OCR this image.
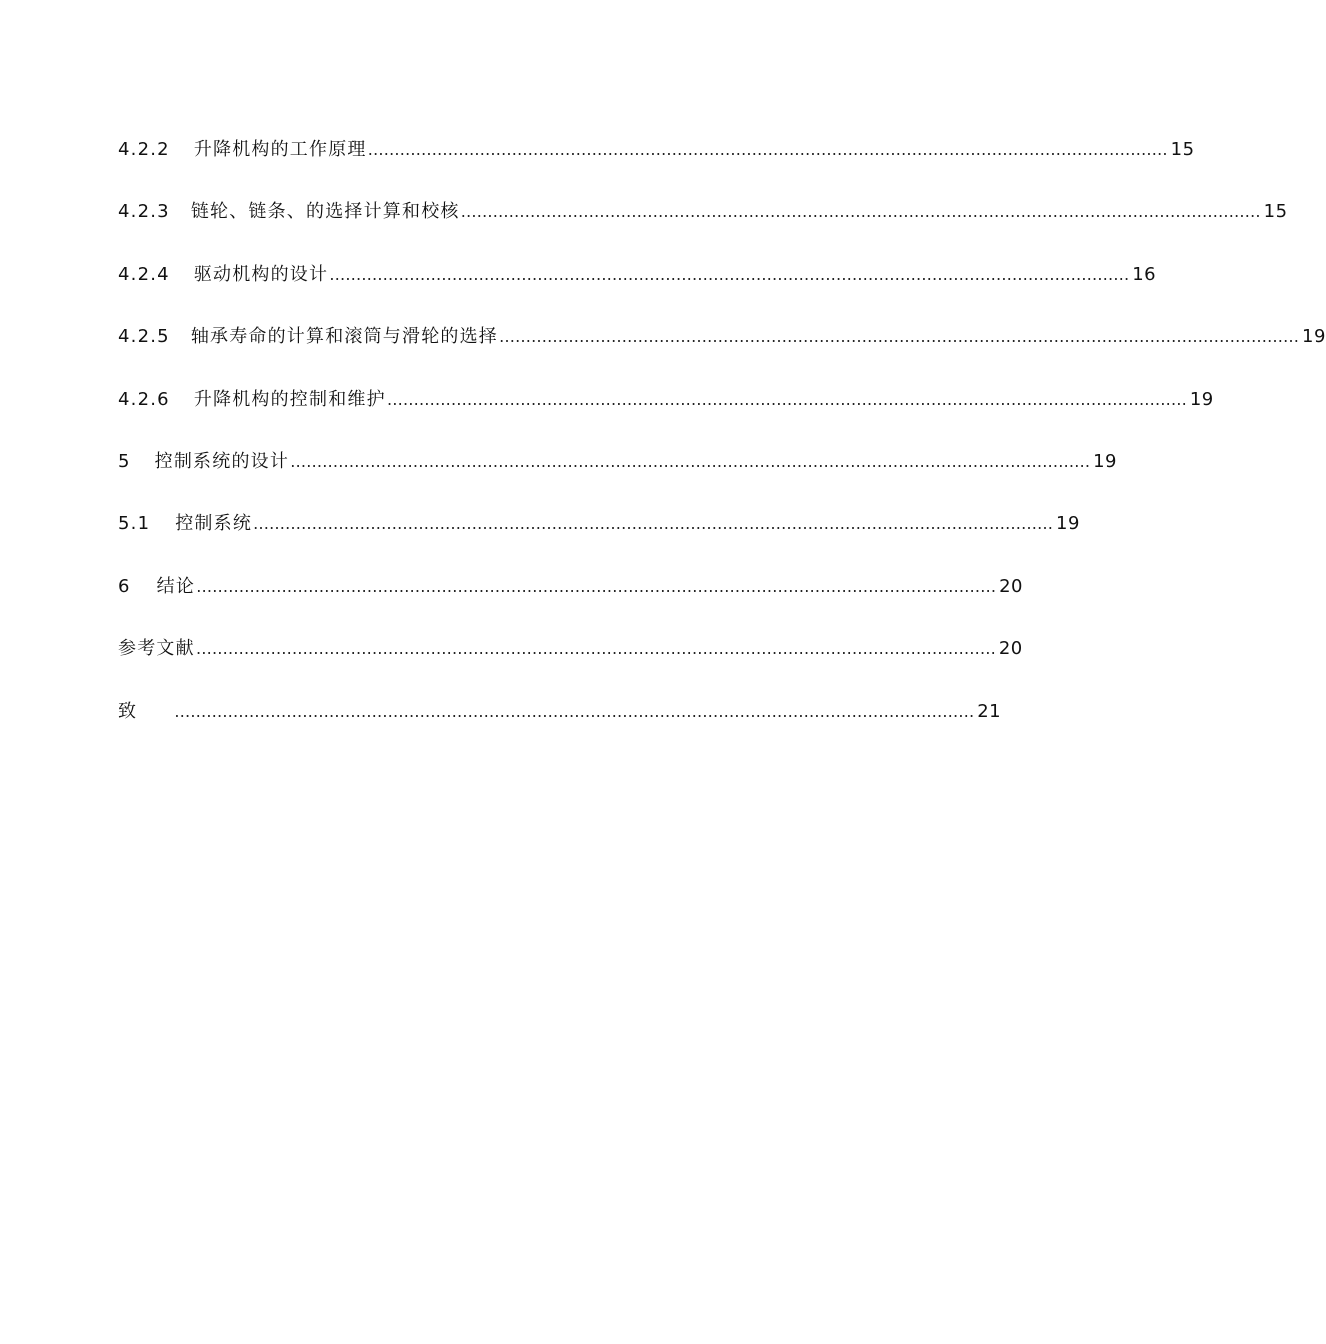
4.2.2 升降机构的工作原理 …………………………………………………………………………………………………………………………………… 15
4.2.3 链轮、链条、的选择计算和校核 …………………………………………………………………………………………………………………………………… 15
4.2.4 驱动机构的设计 …………………………………………………………………………………………………………………………………… 16
4.2.5 轴承寿命的计算和滚筒与滑轮的选择 …………………………………………………………………………………………………………………………………… 19
4.2.6 升降机构的控制和维护 …………………………………………………………………………………………………………………………………… 19
5 控制系统的设计 …………………………………………………………………………………………………………………………………… 19
5.1 控制系统 …………………………………………………………………………………………………………………………………… 19
6 结论 …………………………………………………………………………………………………………………………………… 20
参考文献 …………………………………………………………………………………………………………………………………… 20
致 …………………………………………………………………………………………………………………………………… 21
